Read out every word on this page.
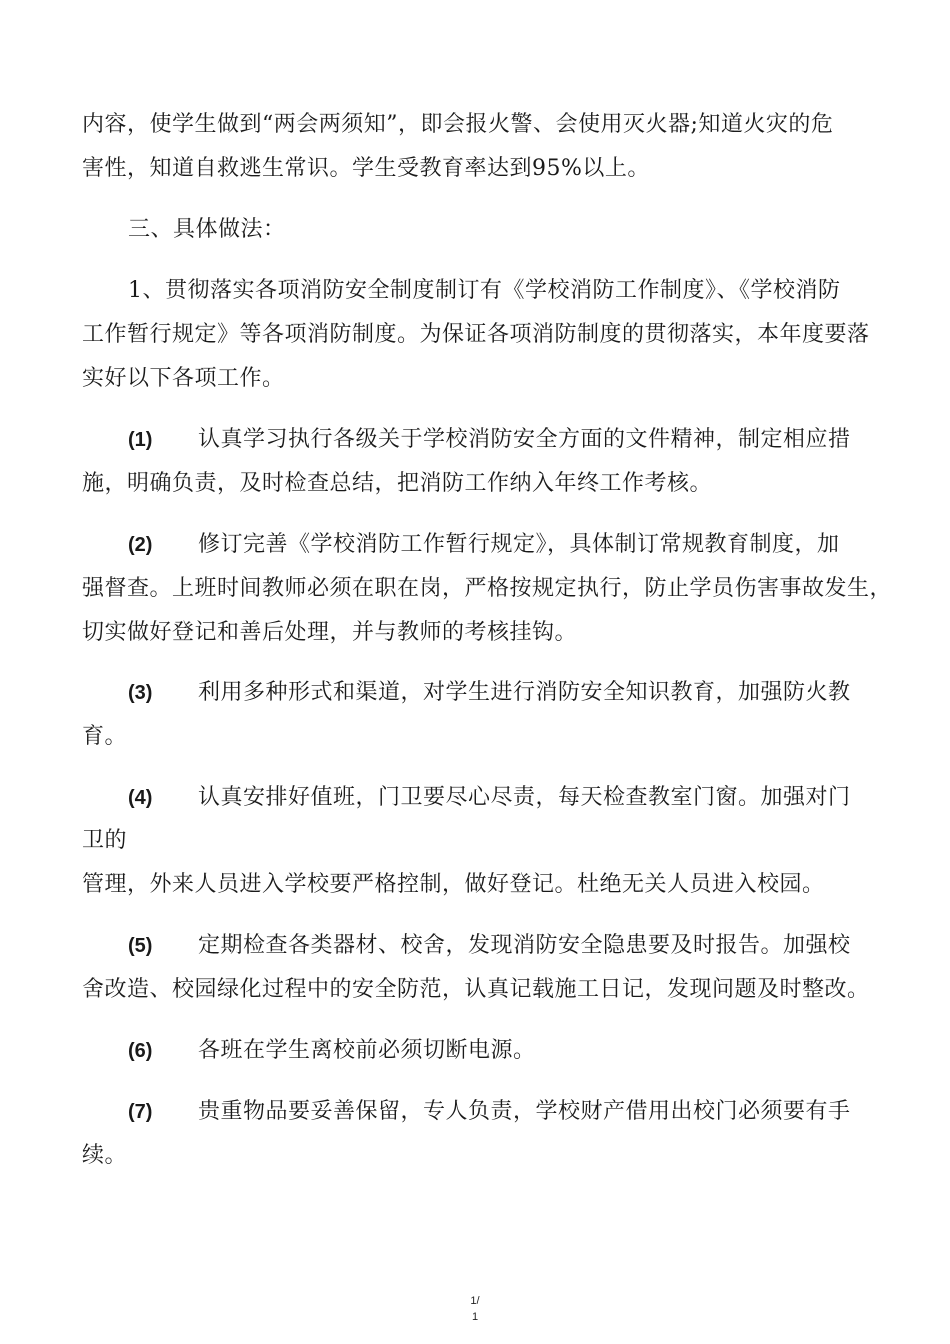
内容，使学生做到“两会两须知”，即会报火警、会使用灭火器;知道火灾的危
害性，知道自救逃生常识。学生受教育率达到95%以上。
三、具体做法：
1、贯彻落实各项消防安全制度制订有《学校消防工作制度》、《学校消防
工作暂行规定》等各项消防制度。为保证各项消防制度的贯彻落实，本年度要落
实好以下各项工作。
(1) 认真学习执行各级关于学校消防安全方面的文件精神，制定相应措
施，明确负责，及时检查总结，把消防工作纳入年终工作考核。
(2) 修订完善《学校消防工作暂行规定》，具体制订常规教育制度，加
强督查。上班时间教师必须在职在岗，严格按规定执行，防止学员伤害事故发生，
切实做好登记和善后处理，并与教师的考核挂钩。
(3) 利用多种形式和渠道，对学生进行消防安全知识教育，加强防火教
育。
(4) 认真安排好值班，门卫要尽心尽责，每天检查教室门窗。加强对门
卫的
管理，外来人员进入学校要严格控制，做好登记。杜绝无关人员进入校园。
(5) 定期检查各类器材、校舍，发现消防安全隐患要及时报告。加强校
舍改造、校园绿化过程中的安全防范，认真记载施工日记，发现问题及时整改。
(6) 各班在学生离校前必须切断电源。
(7) 贵重物品要妥善保留，专人负责，学校财产借用出校门必须要有手
续。
1/
1
